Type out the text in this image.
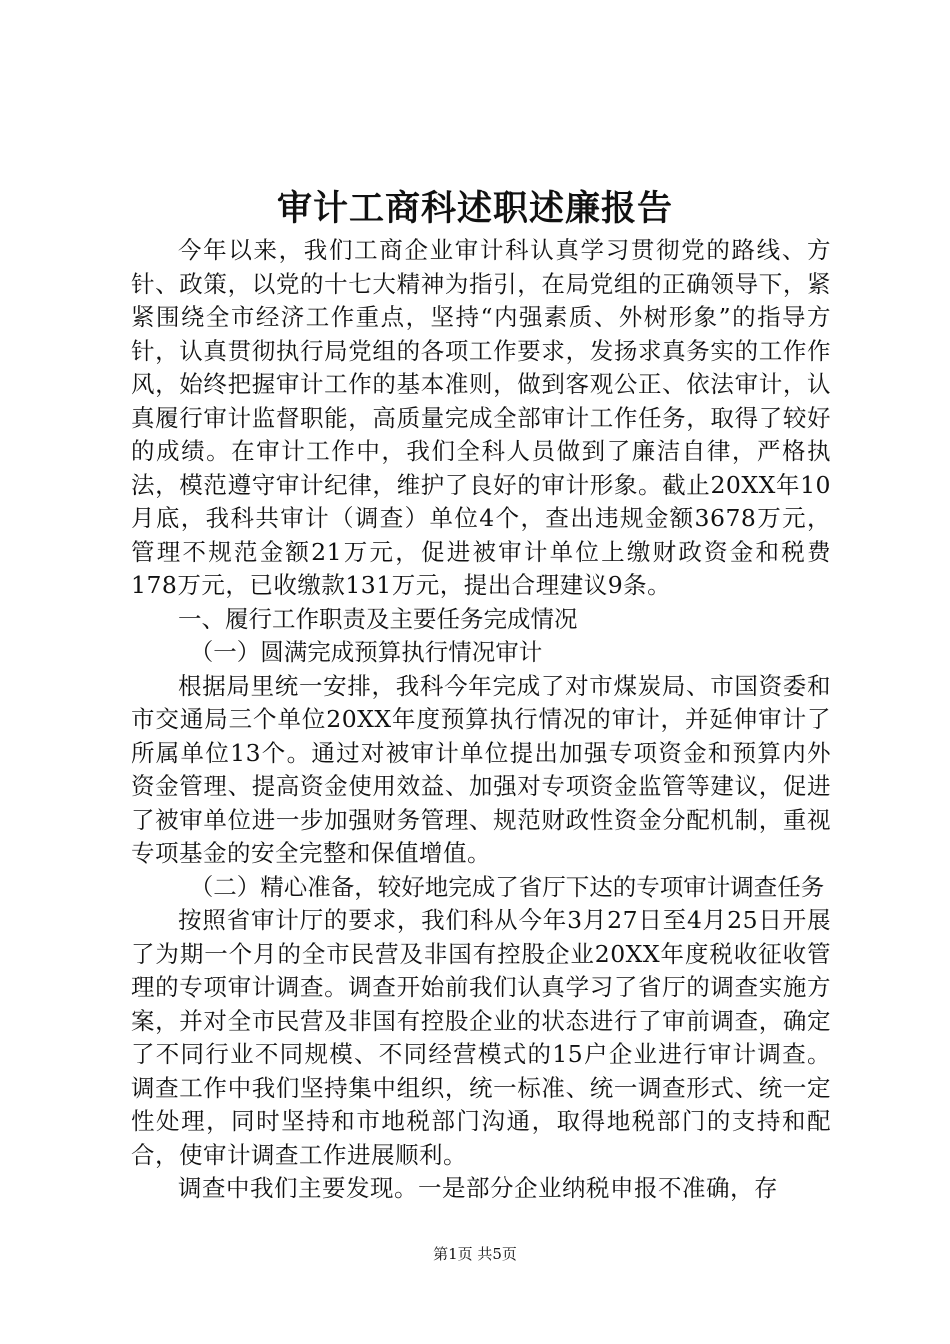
审计工商科述职述廉报告

今年以来，我们工商企业审计科认真学习贯彻党的路线、方针、政策，以党的十七大精神为指引，在局党组的正确领导下，紧紧围绕全市经济工作重点，坚持“内强素质、外树形象”的指导方针，认真贯彻执行局党组的各项工作要求，发扬求真务实的工作作风，始终把握审计工作的基本准则，做到客观公正、依法审计，认真履行审计监督职能，高质量完成全部审计工作任务，取得了较好的成绩。在审计工作中，我们全科人员做到了廉洁自律，严格执法，模范遵守审计纪律，维护了良好的审计形象。截止20XX年10月底，我科共审计（调查）单位4个，查出违规金额3678万元，管理不规范金额21万元，促进被审计单位上缴财政资金和税费178万元，已收缴款131万元，提出合理建议9条。

一、履行工作职责及主要任务完成情况

（一）圆满完成预算执行情况审计

根据局里统一安排，我科今年完成了对市煤炭局、市国资委和市交通局三个单位20XX年度预算执行情况的审计，并延伸审计了所属单位13个。通过对被审计单位提出加强专项资金和预算内外资金管理、提高资金使用效益、加强对专项资金监管等建议，促进了被审单位进一步加强财务管理、规范财政性资金分配机制，重视专项基金的安全完整和保值增值。

（二）精心准备，较好地完成了省厅下达的专项审计调查任务

按照省审计厅的要求，我们科从今年3月27日至4月25日开展了为期一个月的全市民营及非国有控股企业20XX年度税收征收管理的专项审计调查。调查开始前我们认真学习了省厅的调查实施方案，并对全市民营及非国有控股企业的状态进行了审前调查，确定了不同行业不同规模、不同经营模式的15户企业进行审计调查。调查工作中我们坚持集中组织，统一标准、统一调查形式、统一定性处理，同时坚持和市地税部门沟通，取得地税部门的支持和配合，使审计调查工作进展顺利。

调查中我们主要发现。一是部分企业纳税申报不准确，存

第1页 共5页
